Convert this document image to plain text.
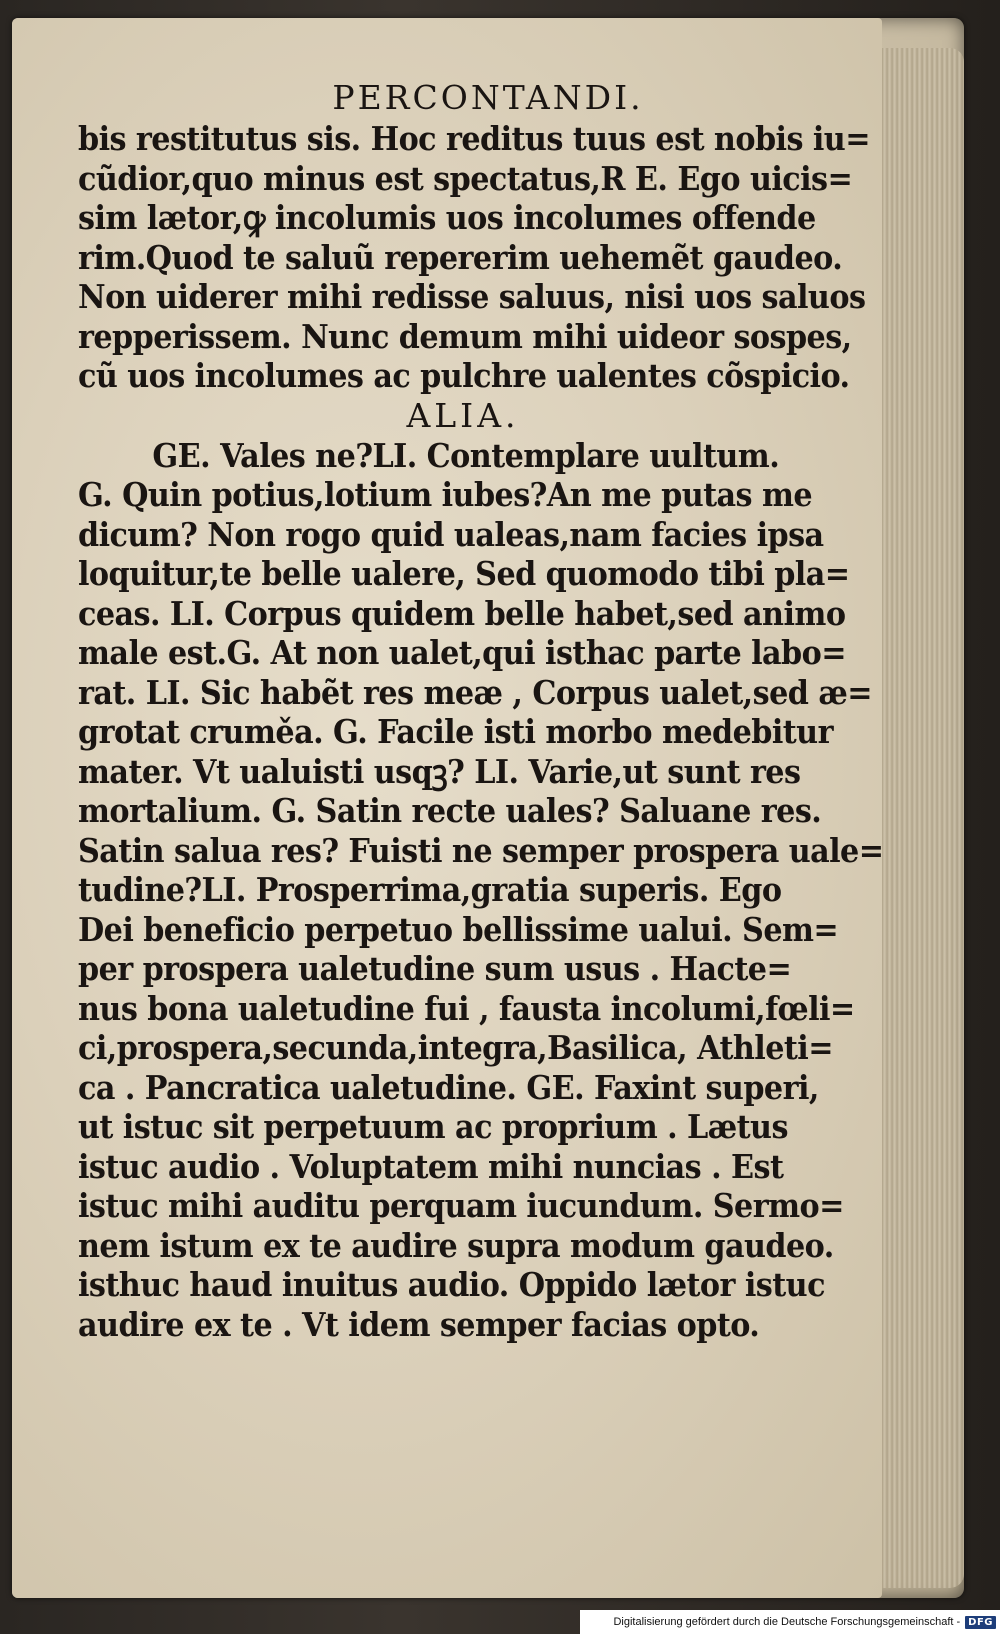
PERCONTANDI.
bis restitutus sis. Hoc reditus tuus est nobis iu=
cũdior,quo minus est spectatus,R E. Ego uicis=
sim lætor,ꝙ incolumis uos incolumes offende
rim.Quod te saluũ repererim uehemẽt gaudeo.
Non uiderer mihi redisse saluus, nisi uos saluos
repperissem. Nunc demum mihi uideor sospes,
cũ uos incolumes ac pulchre ualentes cõspicio.
ALIA.
GE. Vales ne?LI. Contemplare uultum.
G. Quin potius,lotium iubes?An me putas me
dicum? Non rogo quid ualeas,nam facies ipsa
loquitur,te belle ualere, Sed quomodo tibi pla=
ceas. LI. Corpus quidem belle habet,sed animo
male est.G. At non ualet,qui isthac parte labo=
rat. LI. Sic habẽt res meæ , Corpus ualet,sed æ=
grotat cruměa. G. Facile isti morbo medebitur
mater. Vt ualuisti usqꝫ? LI. Varie,ut sunt res
mortalium. G. Satin recte uales? Saluane res.
Satin salua res? Fuisti ne semper prospera uale=
tudine?LI. Prosperrima,gratia superis. Ego
Dei beneficio perpetuo bellissime ualui. Sem=
per prospera ualetudine sum usus . Hacte=
nus bona ualetudine fui , fausta incolumi,fœli=
ci,prospera,secunda,integra,Basilica, Athleti=
ca . Pancratica ualetudine. GE. Faxint superi,
ut istuc sit perpetuum ac proprium . Lætus
istuc audio . Voluptatem mihi nuncias . Est
istuc mihi auditu perquam iucundum. Sermo=
nem istum ex te audire supra modum gaudeo.
isthuc haud inuitus audio. Oppido lætor istuc
audire ex te . Vt idem semper facias opto.
Digitalisierung gefördert durch die Deutsche Forschungsgemeinschaft - DFG
